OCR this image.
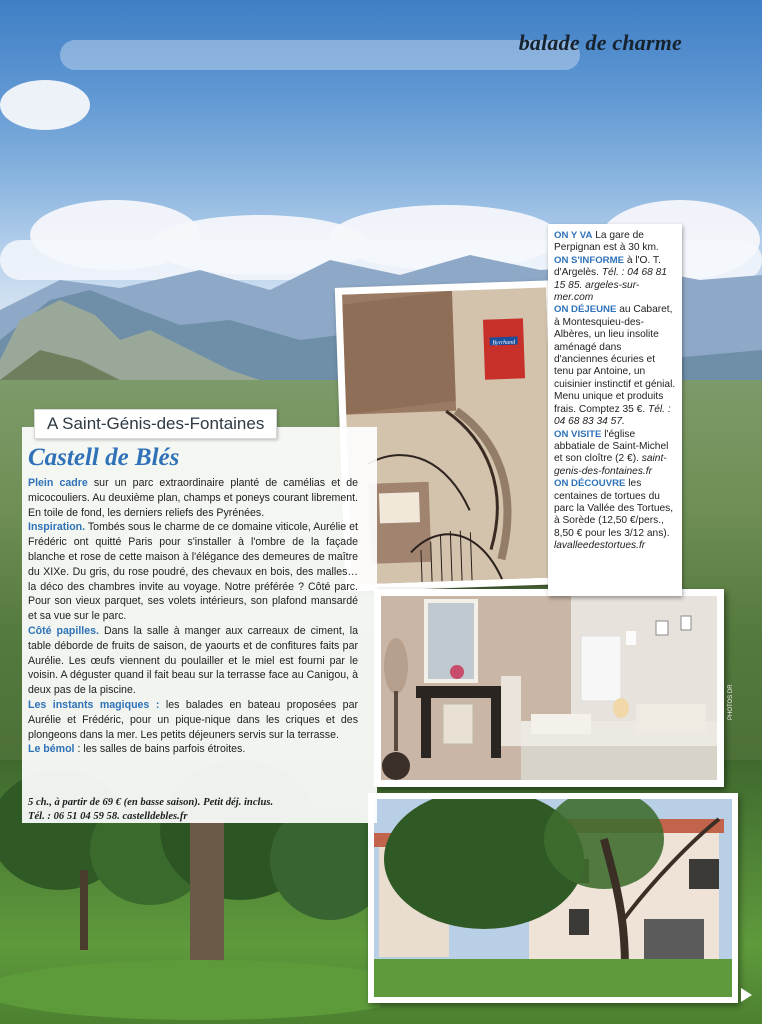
balade de charme
Byrrhand

ON Y VA La gare de Perpignan est à 30 km.

ON S'INFORME à l'O. T. d'Argelès. Tél. : 04 68 81 15 85. argeles-sur-mer.com

ON DÉJEUNE au Cabaret, à Montesquieu-des-Albères, un lieu insolite aménagé dans d'anciennes écuries et tenu par Antoine, un cuisinier instinctif et génial. Menu unique et produits frais. Comptez 35 €. Tél. : 04 68 83 34 57.

ON VISITE l'église abbatiale de Saint-Michel et son cloître (2 €). saint-genis-des-fontaines.fr

ON DÉCOUVRE les centaines de tortues du parc la Vallée des Tortues, à Sorède (12,50 €/pers., 8,50 € pour les 3/12 ans). lavalleedestortues.fr

A Saint-Génis-des-Fontaines
Castell de Blés

Plein cadre sur un parc extraordinaire planté de camélias et de micocouliers. Au deuxième plan, champs et poneys courant librement. En toile de fond, les derniers reliefs des Pyrénées.

Inspiration. Tombés sous le charme de ce domaine viticole, Aurélie et Frédéric ont quitté Paris pour s'installer à l'ombre de la façade blanche et rose de cette maison à l'élégance des demeures de maître du XIXe. Du gris, du rose poudré, des chevaux en bois, des malles… la déco des chambres invite au voyage. Notre préférée ? Côté parc. Pour son vieux parquet, ses volets intérieurs, son plafond mansardé et sa vue sur le parc.

Côté papilles. Dans la salle à manger aux carreaux de ciment, la table déborde de fruits de saison, de yaourts et de confitures faits par Aurélie. Les œufs viennent du poulailler et le miel est fourni par le voisin. A déguster quand il fait beau sur la terrasse face au Canigou, à deux pas de la piscine.

Les instants magiques : les balades en bateau proposées par Aurélie et Frédéric, pour un pique-nique dans les criques et des plongeons dans la mer. Les petits déjeuners servis sur la terrasse.

Le bémol : les salles de bains parfois étroites.

5 ch., à partir de 69 € (en basse saison). Petit déj. inclus.
Tél. : 06 51 04 59 58. castelldebles.fr
PHOTOS DR
